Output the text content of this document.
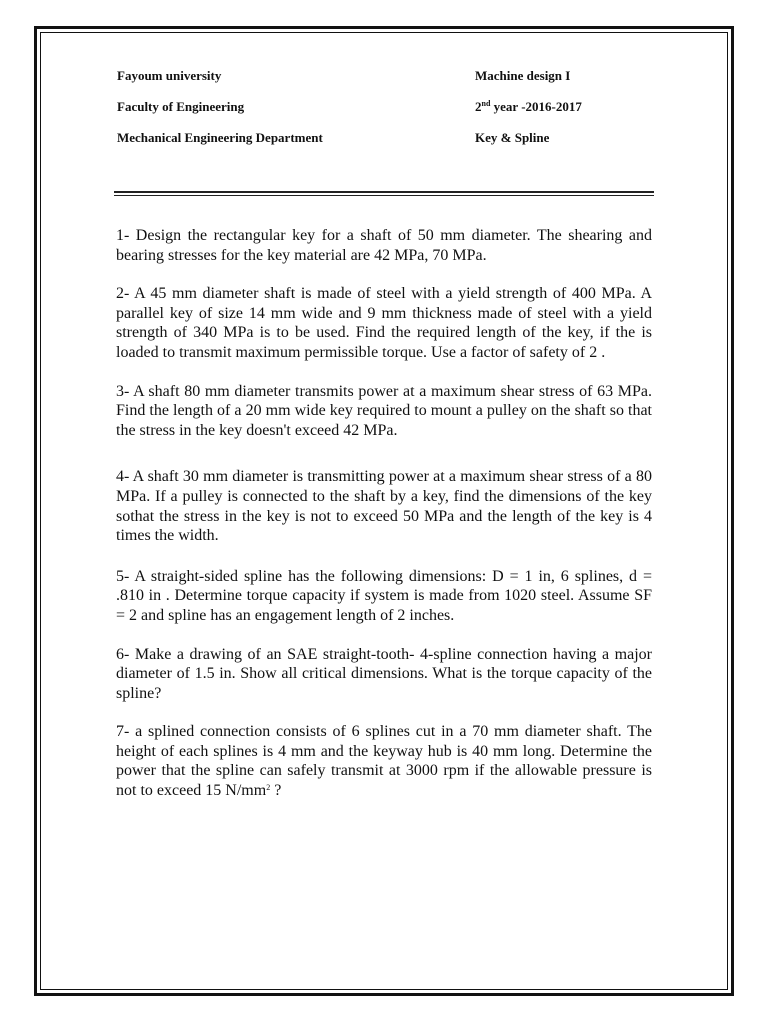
Fayoum university
Faculty of Engineering
Mechanical Engineering Department
Machine design I
2nd year -2016-2017
Key & Spline

1- Design the rectangular key for a shaft of 50 mm diameter. The shearing and bearing stresses for the key material are 42 MPa, 70 MPa.

2- A 45 mm diameter shaft is made of steel with a yield strength of 400 MPa. A parallel key of size 14 mm wide and 9 mm thickness made of steel with a yield strength of 340 MPa is to be used. Find the required length of the key, if the is loaded to transmit maximum permissible torque. Use a factor of safety of 2 .

3- A shaft 80 mm diameter transmits power at a maximum shear stress of 63 MPa. Find the length of a 20 mm wide key required to mount a pulley on the shaft so that the stress in the key doesn't exceed 42 MPa.

4- A shaft 30 mm diameter is transmitting power at a maximum shear stress of a 80 MPa. If a pulley is connected to the shaft by a key, find the dimensions of the key sothat the stress in the key is not to exceed 50 MPa and the length of the key is 4 times the width.

5- A straight-sided spline has the following dimensions: D = 1 in, 6 splines, d = .810 in . Determine torque capacity if system is made from 1020 steel. Assume SF = 2 and spline has an engagement length of 2 inches.

6- Make a drawing of an SAE straight-tooth- 4-spline connection having a major diameter of 1.5 in. Show all critical dimensions. What is the torque capacity of the spline?

7- a splined connection consists of 6 splines cut in a 70 mm diameter shaft. The height of each splines is 4 mm and the keyway hub is 40 mm long. Determine the power that the spline can safely transmit at 3000 rpm if the allowable pressure is not to exceed 15 $N/mm^2$ ?
